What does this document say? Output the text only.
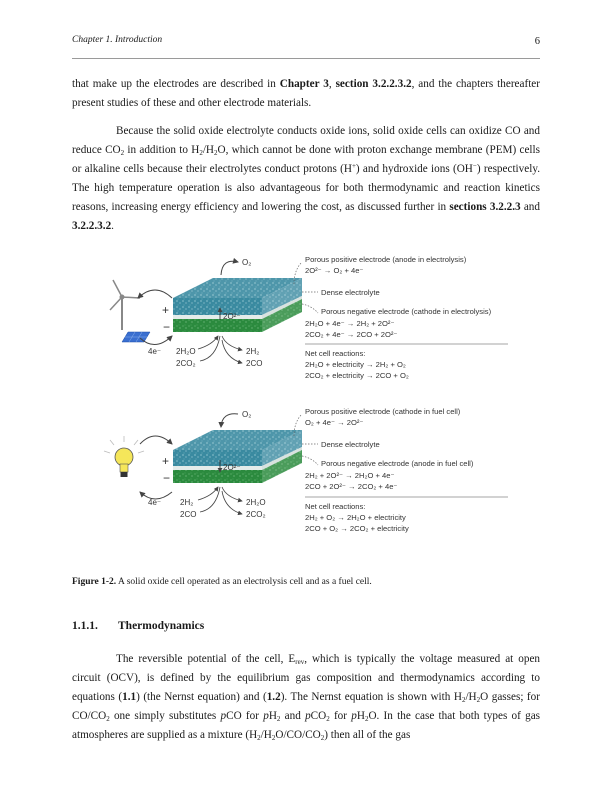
Chapter 1. Introduction	6

that make up the electrodes are described in Chapter 3, section 3.2.2.3.2, and the chapters thereafter present studies of these and other electrode materials.

Because the solid oxide electrolyte conducts oxide ions, solid oxide cells can oxidize CO and reduce $CO_2$ in addition to $H_2/H_2O$, which cannot be done with proton exchange membrane (PEM) cells or alkaline cells because their electrolytes conduct protons (H+) and hydroxide ions (OH−) respectively. The high temperature operation is also advantageous for both thermodynamic and reaction kinetics reasons, increasing energy efficiency and lowering the cost, as discussed further in sections 3.2.2.3 and 3.2.2.3.2.

+
−
4e⁻
2O²⁻
O₂
2H₂O
2CO₂
2H₂
2CO
Porous positive electrode (anode in electrolysis)
2O²⁻ → O₂ + 4e⁻
Dense electrolyte
Porous negative electrode (cathode in electrolysis)
2H₂O + 4e⁻ → 2H₂ + 2O²⁻
2CO₂ + 4e⁻ → 2CO + 2O²⁻
Net cell reactions:
2H₂O + electricity → 2H₂ + O₂
2CO₂ + electricity → 2CO + O₂
+
−
4e⁻
2O²⁻
O₂
2H₂
2CO
2H₂O
2CO₂
Porous positive electrode (cathode in fuel cell)
O₂ + 4e⁻ → 2O²⁻
Dense electrolyte
Porous negative electrode (anode in fuel cell)
2H₂ + 2O²⁻ → 2H₂O + 4e⁻
2CO + 2O²⁻ → 2CO₂ + 4e⁻
Net cell reactions:
2H₂ + O₂ → 2H₂O + electricity
2CO + O₂ → 2CO₂ + electricity
Figure 1-2. A solid oxide cell operated as an electrolysis cell and as a fuel cell.
1.1.1. Thermodynamics

The reversible potential of the cell, $E_{rev}$, which is typically the voltage measured at open circuit (OCV), is defined by the equilibrium gas composition and thermodynamics according to equations (1.1) (the Nernst equation) and (1.2). The Nernst equation is shown with $H_2/H_2O$ gasses; for $CO/CO_2$ one simply substitutes pCO for $pH_2$ and pCO$_2$ for $pH_2O$. In the case that both types of gas atmospheres are supplied as a mixture $(H_2/H_2O/CO/CO_2)$ then all of the gas
